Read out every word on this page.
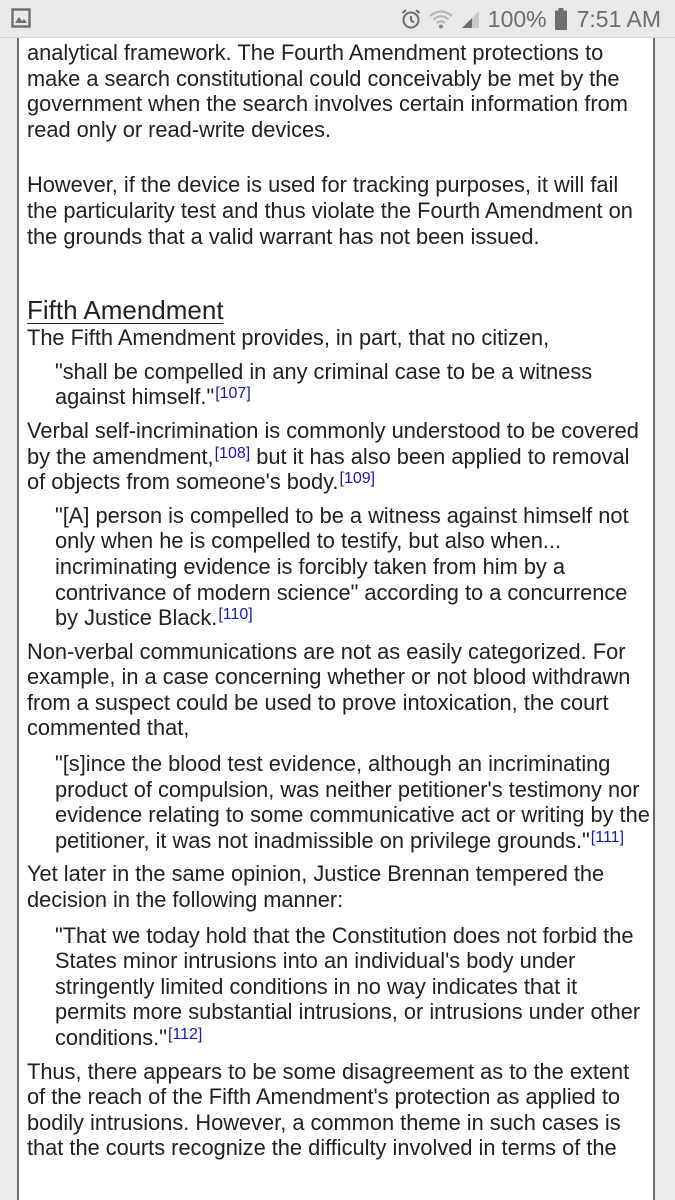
100% 7:51 AM

analytical framework. The Fourth Amendment protections to make a search constitutional could conceivably be met by the government when the search involves certain information from read only or read-write devices.

However, if the device is used for tracking purposes, it will fail the particularity test and thus violate the Fourth Amendment on the grounds that a valid warrant has not been issued.

Fifth Amendment

The Fifth Amendment provides, in part, that no citizen,

"shall be compelled in any criminal case to be a witness against himself."[107]

Verbal self-incrimination is commonly understood to be covered by the amendment,[108] but it has also been applied to removal of objects from someone's body.[109]

"[A] person is compelled to be a witness against himself not only when he is compelled to testify, but also when... incriminating evidence is forcibly taken from him by a contrivance of modern science" according to a concurrence by Justice Black.[110]

Non-verbal communications are not as easily categorized. For example, in a case concerning whether or not blood withdrawn from a suspect could be used to prove intoxication, the court commented that,

"[s]ince the blood test evidence, although an incriminating product of compulsion, was neither petitioner's testimony nor evidence relating to some communicative act or writing by the petitioner, it was not inadmissible on privilege grounds."[111]

Yet later in the same opinion, Justice Brennan tempered the decision in the following manner:

"That we today hold that the Constitution does not forbid the States minor intrusions into an individual's body under stringently limited conditions in no way indicates that it permits more substantial intrusions, or intrusions under other conditions."[112]

Thus, there appears to be some disagreement as to the extent of the reach of the Fifth Amendment's protection as applied to bodily intrusions. However, a common theme in such cases is that the courts recognize the difficulty involved in terms of the
